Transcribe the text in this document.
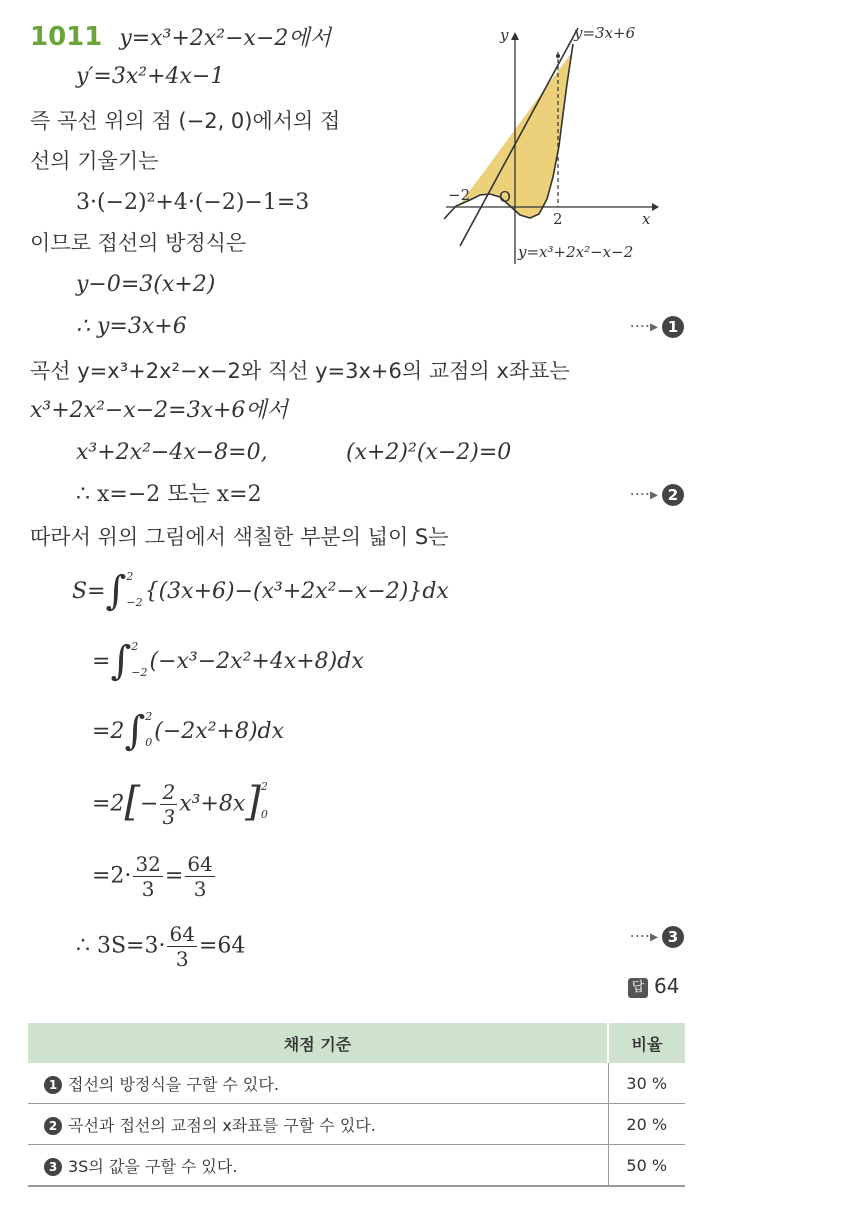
1011 y=x³+2x²−x−2에서
y′=3x²+4x−1
즉 곡선 위의 점 (−2, 0)에서의 접
선의 기울기는
3·(−2)²+4·(−2)−1=3
이므로 접선의 방정식은
y−0=3(x+2)
∴ y=3x+6	····▸ 1
곡선 y=x³+2x²−x−2와 직선 y=3x+6의 교점의 x좌표는
x³+2x²−x−2=3x+6에서
x³+2x²−4x−8=0,	(x+2)²(x−2)=0
∴ x=−2 또는 x=2	····▸ 2
따라서 위의 그림에서 색칠한 부분의 넓이 S는
S=∫ 2
−2 {(3x+6)−(x³+2x²−x−2)}dx
=∫ 2
−2 (−x³−2x²+4x+8)dx
=2∫ 2
0 (−2x²+8)dx
$=2[- \frac{2}{3} x^3+8x]$ 2
0
$=2\cdot \frac{32}{3} = \frac{64}{3}$
∴ $3S=3\cdot \frac{64}{3} =64$	····▸ 3
답 64
y
x
O
−2
2
y=3x+6
y=x³+2x²−x−2
채점 기준	비율
1 접선의 방정식을 구할 수 있다.	30 %
2 곡선과 접선의 교점의 x좌표를 구할 수 있다.	20 %
3 3S의 값을 구할 수 있다.	50 %
